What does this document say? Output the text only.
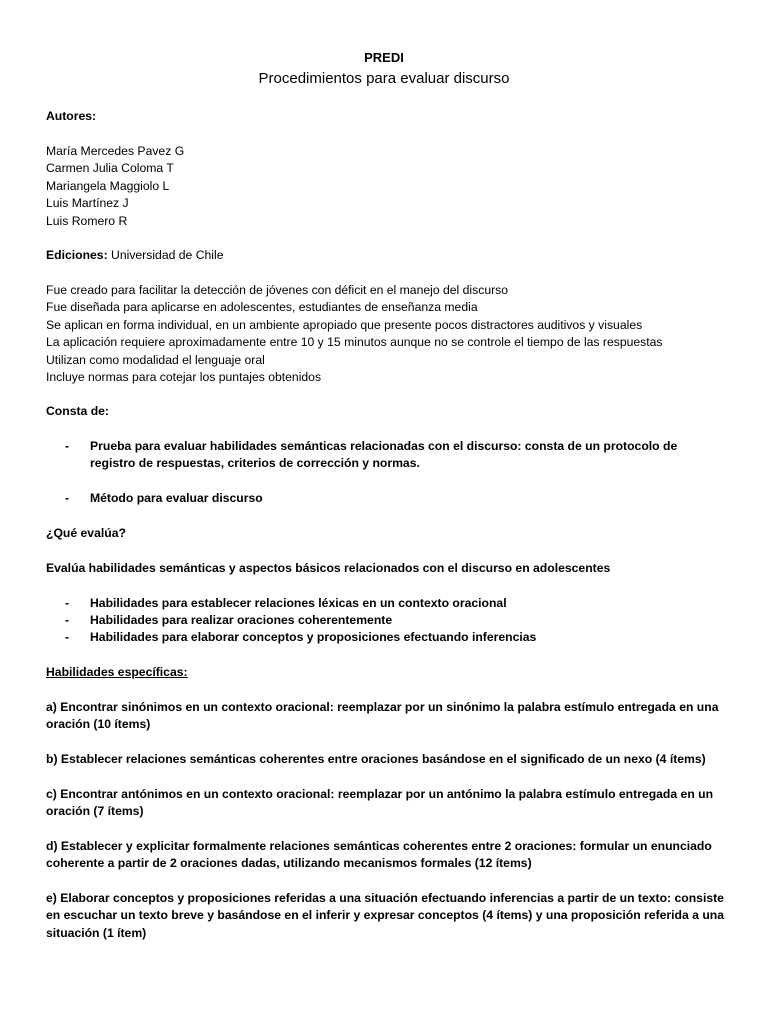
PREDI

Procedimientos para evaluar discurso

Autores:

María Mercedes Pavez G
Carmen Julia Coloma T
Mariangela Maggiolo L
Luis Martínez J
Luis Romero R

Ediciones: Universidad de Chile

Fue creado para facilitar la detección de jóvenes con déficit en el manejo del discurso
Fue diseñada para aplicarse en adolescentes, estudiantes de enseñanza media
Se aplican en forma individual, en un ambiente apropiado que presente pocos distractores auditivos y visuales
La aplicación requiere aproximadamente entre 10 y 15 minutos aunque no se controle el tiempo de las respuestas
Utilizan como modalidad el lenguaje oral
Incluye normas para cotejar los puntajes obtenidos

Consta de:

-	Prueba para evaluar habilidades semánticas relacionadas con el discurso: consta de un protocolo de registro de respuestas, criterios de corrección y normas.
-	Método para evaluar discurso

¿Qué evalúa?

Evalúa habilidades semánticas y aspectos básicos relacionados con el discurso en adolescentes

-	Habilidades para establecer relaciones léxicas en un contexto oracional
-	Habilidades para realizar oraciones coherentemente
-	Habilidades para elaborar conceptos y proposiciones efectuando inferencias

Habilidades específicas:

a) Encontrar sinónimos en un contexto oracional: reemplazar por un sinónimo la palabra estímulo entregada en una oración (10 ítems)

b) Establecer relaciones semánticas coherentes entre oraciones basándose en el significado de un nexo (4 ítems)

c) Encontrar antónimos en un contexto oracional: reemplazar por un antónimo la palabra estímulo entregada en un oración (7 ítems)

d) Establecer y explicitar formalmente relaciones semánticas coherentes entre 2 oraciones: formular un enunciado coherente a partir de 2 oraciones dadas, utilizando mecanismos formales (12 ítems)

e) Elaborar conceptos y proposiciones referidas a una situación efectuando inferencias a partir de un texto: consiste en escuchar un texto breve y basándose en el inferir y expresar conceptos (4 ítems) y una proposición referida a una situación (1 ítem)
